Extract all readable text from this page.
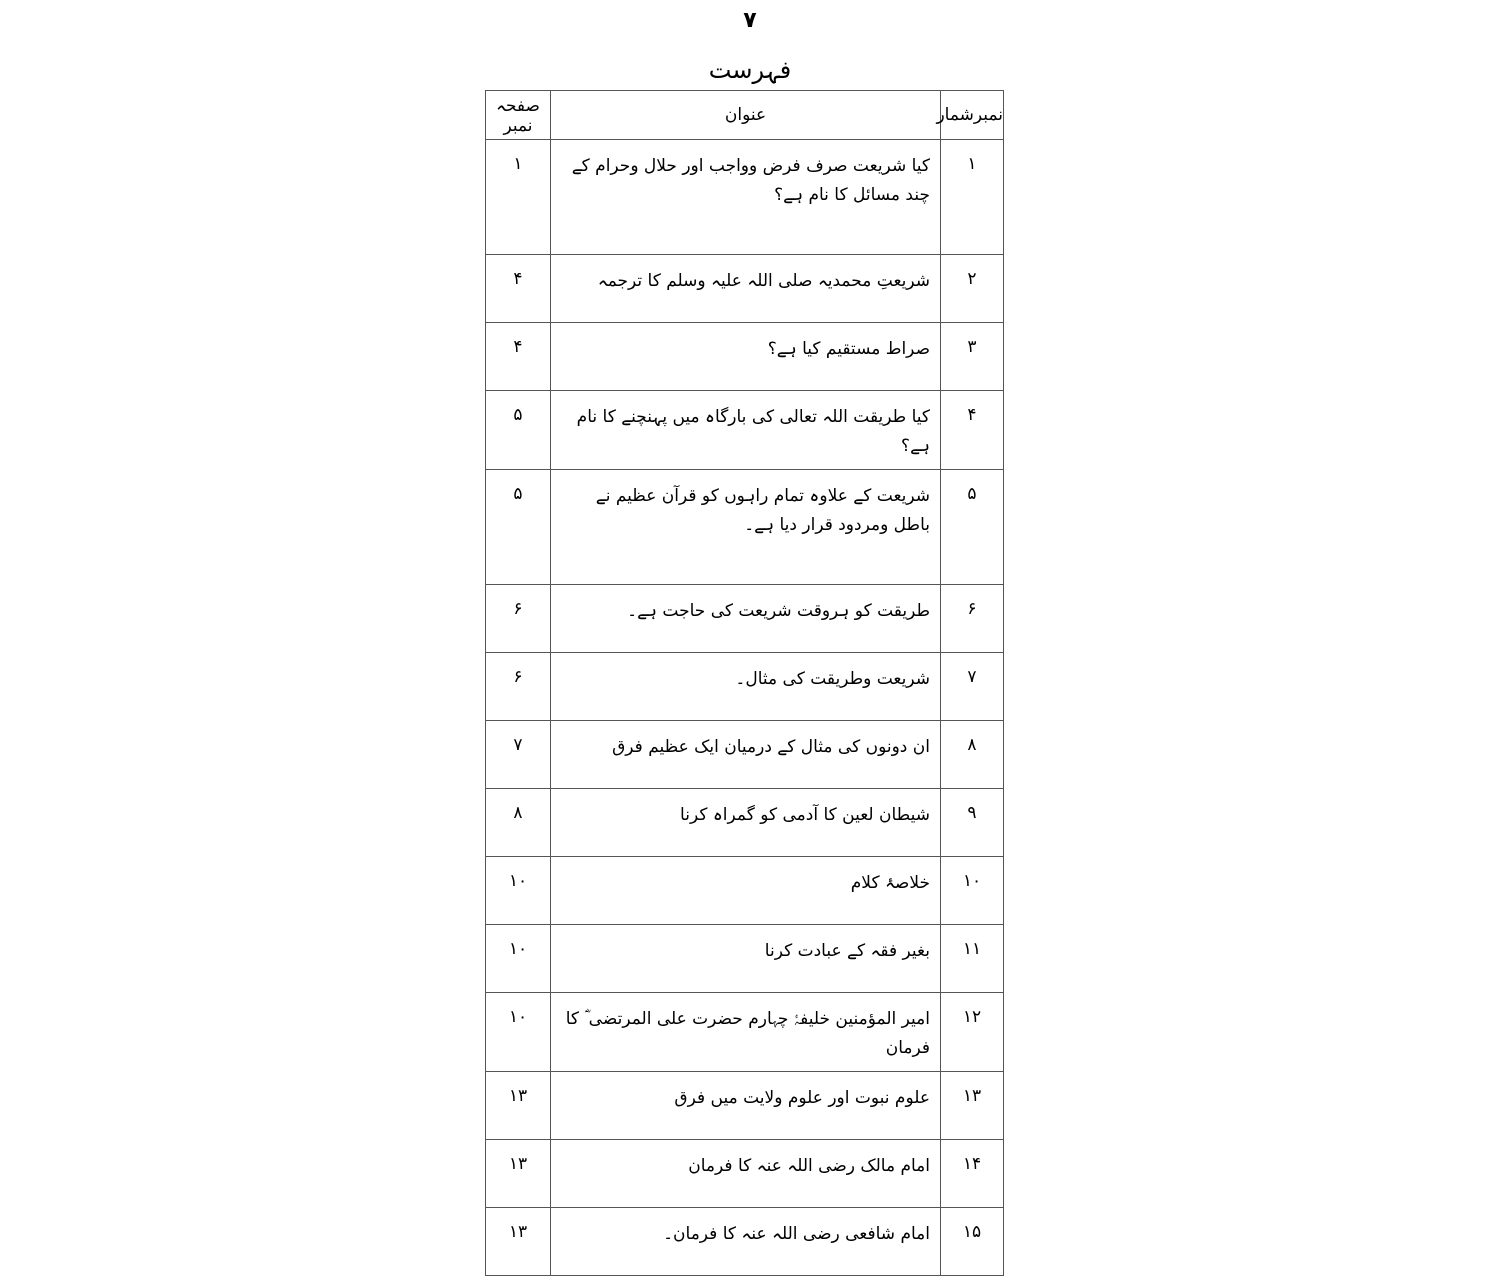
۷
فہرست
نمبرشمار	عنوان	صفحہ نمبر
۱	کیا شریعت صرف فرض وواجب اور حلال وحرام کے چند مسائل کا نام ہے؟	۱
۲	شریعتِ محمدیہ صلی اللہ علیہ وسلم کا ترجمہ	۴
۳	صراط مستقیم کیا ہے؟	۴
۴	کیا طریقت اللہ تعالی کی بارگاہ میں پہنچنے کا نام ہے؟	۵
۵	شریعت کے علاوہ تمام راہوں کو قرآن عظیم نے باطل ومردود قرار دیا ہے۔	۵
۶	طریقت کو ہروقت شریعت کی حاجت ہے۔	۶
۷	شریعت وطریقت کی مثال۔	۶
۸	ان دونوں کی مثال کے درمیان ایک عظیم فرق	۷
۹	شیطان لعین کا آدمی کو گمراہ کرنا	۸
۱۰	خلاصۂ کلام	۱۰
۱۱	بغیر فقہ کے عبادت کرنا	۱۰
۱۲	امیر المؤمنین خلیفۂ چہارم حضرت علی المرتضی ؓ کا فرمان	۱۰
۱۳	علوم نبوت اور علوم ولایت میں فرق	۱۳
۱۴	امام مالک رضی اللہ عنہ کا فرمان	۱۳
۱۵	امام شافعی رضی اللہ عنہ کا فرمان۔	۱۳
